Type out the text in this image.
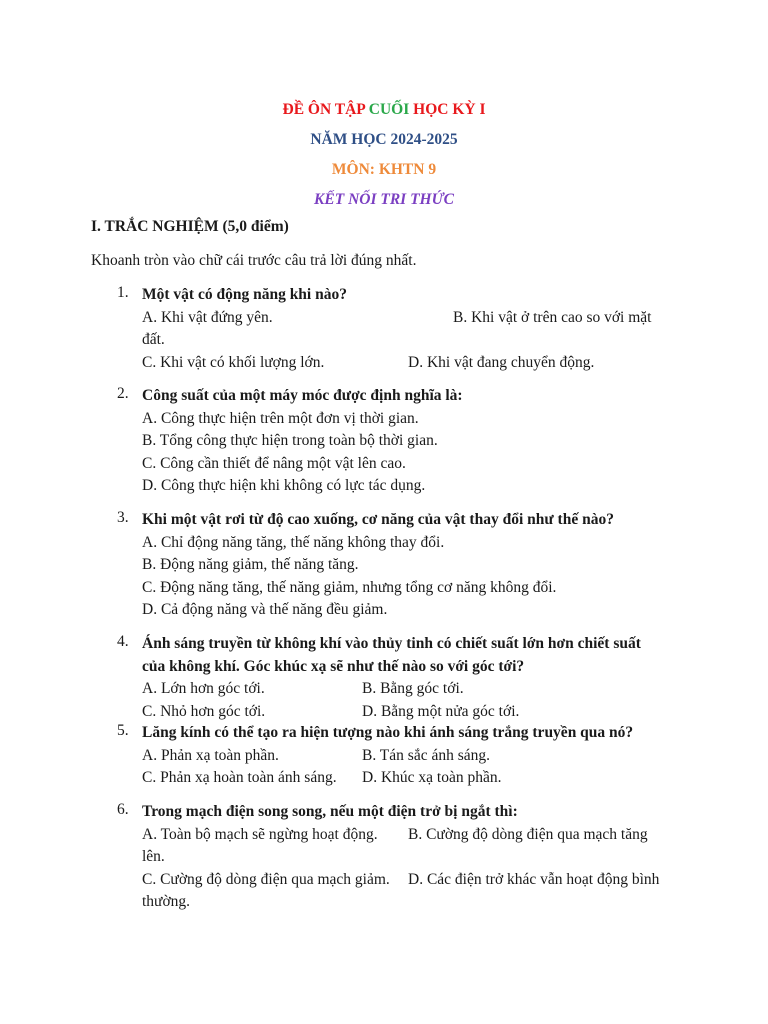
ĐỀ ÔN TẬP CUỐI HỌC KỲ I
NĂM HỌC 2024-2025
MÔN: KHTN 9
KẾT NỐI TRI THỨC
I. TRẮC NGHIỆM (5,0 điểm)
Khoanh tròn vào chữ cái trước câu trả lời đúng nhất.
1. Một vật có động năng khi nào?
A. Khi vật đứng yên.	B. Khi vật ở trên cao so với mặt
đất.
C. Khi vật có khối lượng lớn.	D. Khi vật đang chuyển động.
2. Công suất của một máy móc được định nghĩa là:
A. Công thực hiện trên một đơn vị thời gian.
B. Tổng công thực hiện trong toàn bộ thời gian.
C. Công cần thiết để nâng một vật lên cao.
D. Công thực hiện khi không có lực tác dụng.
3. Khi một vật rơi từ độ cao xuống, cơ năng của vật thay đổi như thế nào?
A. Chỉ động năng tăng, thế năng không thay đổi.
B. Động năng giảm, thế năng tăng.
C. Động năng tăng, thế năng giảm, nhưng tổng cơ năng không đổi.
D. Cả động năng và thế năng đều giảm.
4. Ánh sáng truyền từ không khí vào thủy tinh có chiết suất lớn hơn chiết suất
của không khí. Góc khúc xạ sẽ như thế nào so với góc tới?
A. Lớn hơn góc tới.	B. Bằng góc tới.
C. Nhỏ hơn góc tới.	D. Bằng một nửa góc tới.
5. Lăng kính có thể tạo ra hiện tượng nào khi ánh sáng trắng truyền qua nó?
A. Phản xạ toàn phần.	B. Tán sắc ánh sáng.
C. Phản xạ hoàn toàn ánh sáng. D. Khúc xạ toàn phần.
6. Trong mạch điện song song, nếu một điện trở bị ngắt thì:
A. Toàn bộ mạch sẽ ngừng hoạt động. B. Cường độ dòng điện qua mạch tăng
lên.
C. Cường độ dòng điện qua mạch giảm. D. Các điện trở khác vẫn hoạt động bình
thường.
